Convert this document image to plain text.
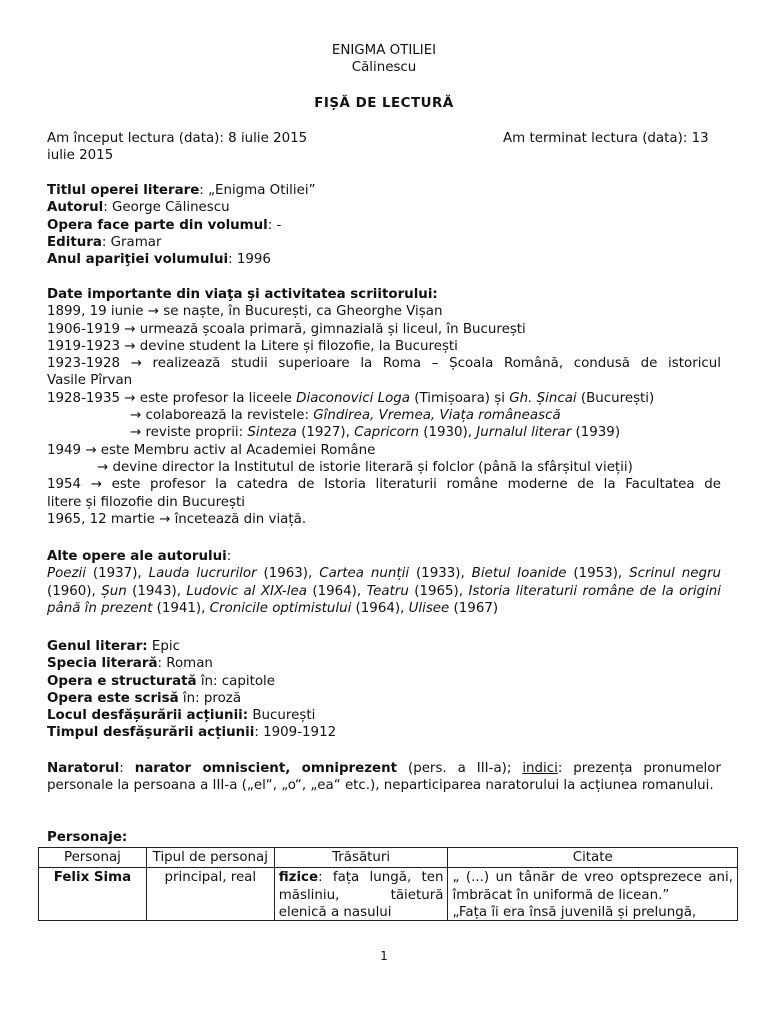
ENIGMA OTILIEI
Călinescu
FIȘĂ DE LECTURĂ
Am început lectura (data): 8 iulie 2015	Am terminat lectura (data): 13
iulie 2015
Titlul operei literare: „Enigma Otiliei”
Autorul: George Călinescu
Opera face parte din volumul: -
Editura: Gramar
Anul apariţiei volumului: 1996
Date importante din viaţa şi activitatea scriitorului:
1899, 19 iunie → se naște, în București, ca Gheorghe Vișan
1906-1919 → urmează școala primară, gimnazială și liceul, în București
1919-1923 → devine student la Litere și filozofie, la București
1923-1928 → realizează studii superioare la Roma – Școala Română, condusă de istoricul
Vasile Pîrvan
1928-1935 → este profesor la liceele Diaconovici Loga (Timișoara) și Gh. Șincai (București)
→ colaborează la revistele: Gîndirea, Vremea, Viața românească
→ reviste proprii: Sinteza (1927), Capricorn (1930), Jurnalul literar (1939)
1949 → este Membru activ al Academiei Române
→ devine director la Institutul de istorie literară și folclor (până la sfârșitul vieții)
1954 → este profesor la catedra de Istoria literaturii române moderne de la Facultatea de
litere și filozofie din București
1965, 12 martie → încetează din viață.
Alte opere ale autorului:
Poezii (1937), Lauda lucrurilor (1963), Cartea nunții (1933), Bietul Ioanide (1953), Scrinul negru (1960), Șun (1943), Ludovic al XIX-lea (1964), Teatru (1965), Istoria literaturii române de la origini până în prezent (1941), Cronicile optimistului (1964), Ulisee (1967)
Genul literar: Epic
Specia literară: Roman
Opera e structurată în: capitole
Opera este scrisă în: proză
Locul desfășurării acțiunii: București
Timpul desfășurării acțiunii: 1909-1912
Naratorul: narator omniscient, omniprezent (pers. a III-a); indici: prezența pronumelor personale la persoana a III-a („el“, „o“, „ea“ etc.), neparticiparea naratorului la acțiunea romanului.
Personaje:
Personaj	Tipul de personaj	Trăsături	Citate

Felix Sima	principal, real	fizice: fața lungă, ten măsliniu, tăietură elenică a nasului	„ (...) un tânăr de vreo optsprezece ani, îmbrăcat în uniformă de licean.”
„Fața îi era însă juvenilă și prelungă,
1
